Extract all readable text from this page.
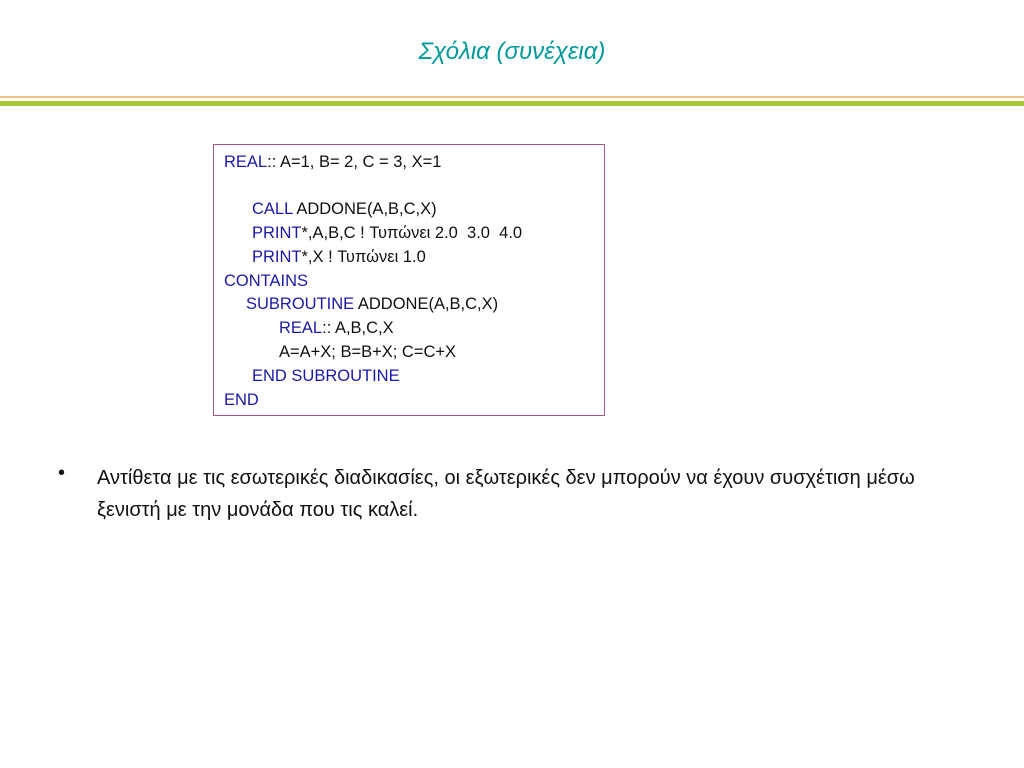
Σχόλια (συνέχεια)
REAL:: A=1, B= 2, C = 3, X=1
CALL ADDONE(A,B,C,X)
PRINT*,A,B,C ! Τυπώνει 2.0  3.0  4.0
PRINT*,X ! Τυπώνει 1.0
CONTAINS
SUBROUTINE ADDONE(A,B,C,X)
REAL:: A,B,C,X
A=A+X; B=B+X; C=C+X
END SUBROUTINE
END
• Αντίθετα με τις εσωτερικές διαδικασίες, οι εξωτερικές δεν μπορούν να έχουν συσχέτιση μέσω ξενιστή με την μονάδα που τις καλεί.
